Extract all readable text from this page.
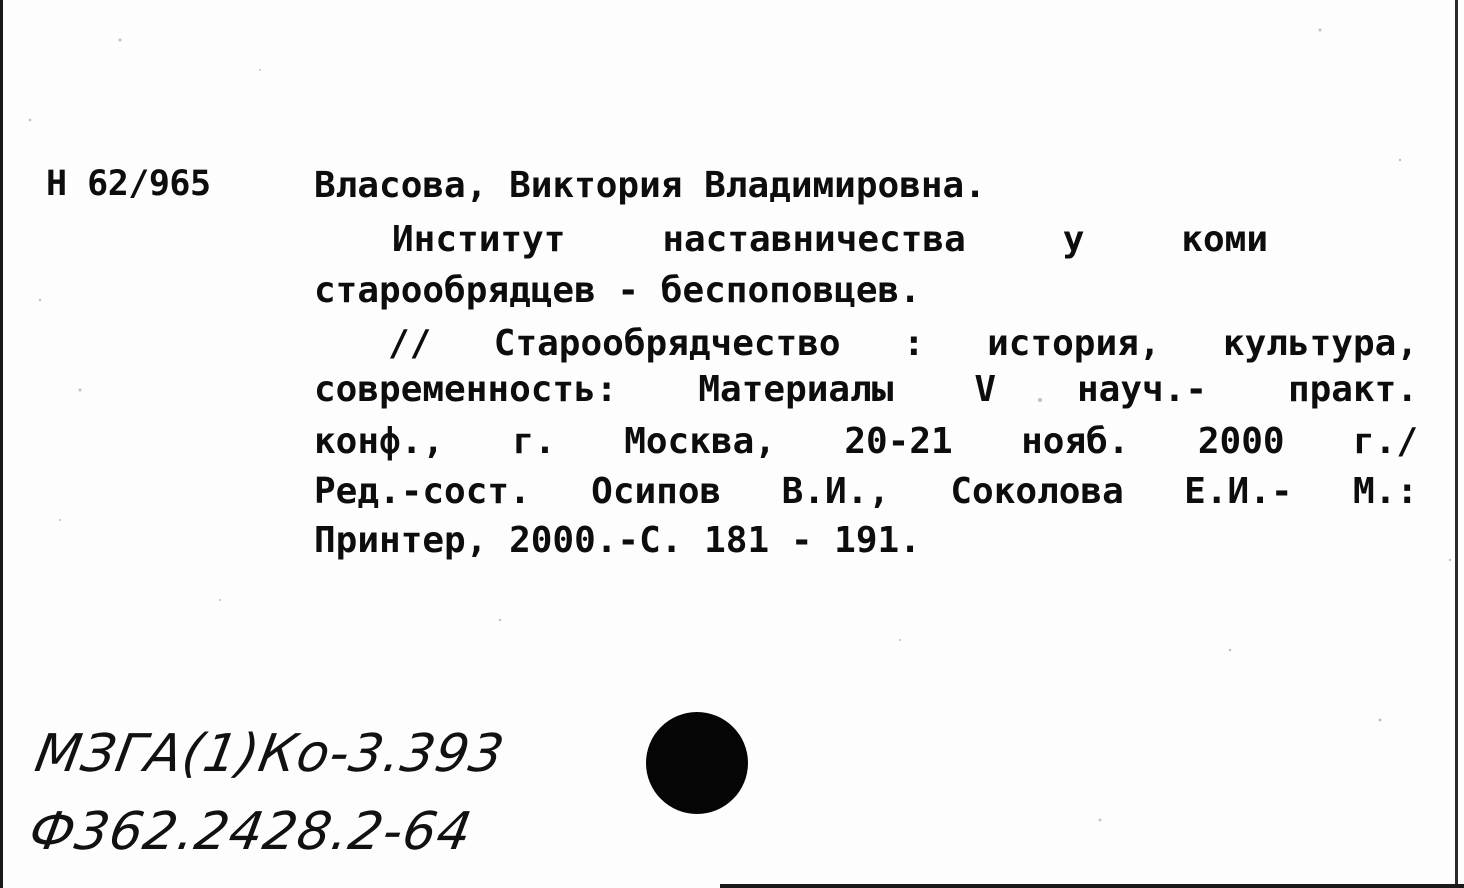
Н 62/965	Власова, Виктория Владимировна.
Институт наставничества у коми
старообрядцев - беспоповцев.
// Старообрядчество : история, культура,
современность: Материалы V науч.- практ.
конф., г. Москва, 20-21 нояб. 2000 г./
Ред.-сост. Осипов В.И., Соколова Е.И.- М.:
Принтер, 2000.-С. 181 - 191.
МЗГА(1)Ко-3.393
Ф362.2428.2-64
